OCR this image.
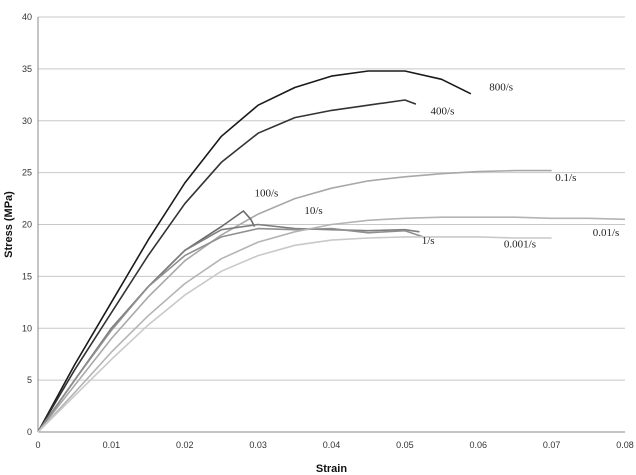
0
5
10
15
20
25
30
35
40
0	0.01	0.02	0.03	0.04	0.05	0.06	0.07	0.08
800/s
400/s
0.1/s
100/s
10/s
1/s
0.01/s
0.001/s
Strain
Stress (MPa)
